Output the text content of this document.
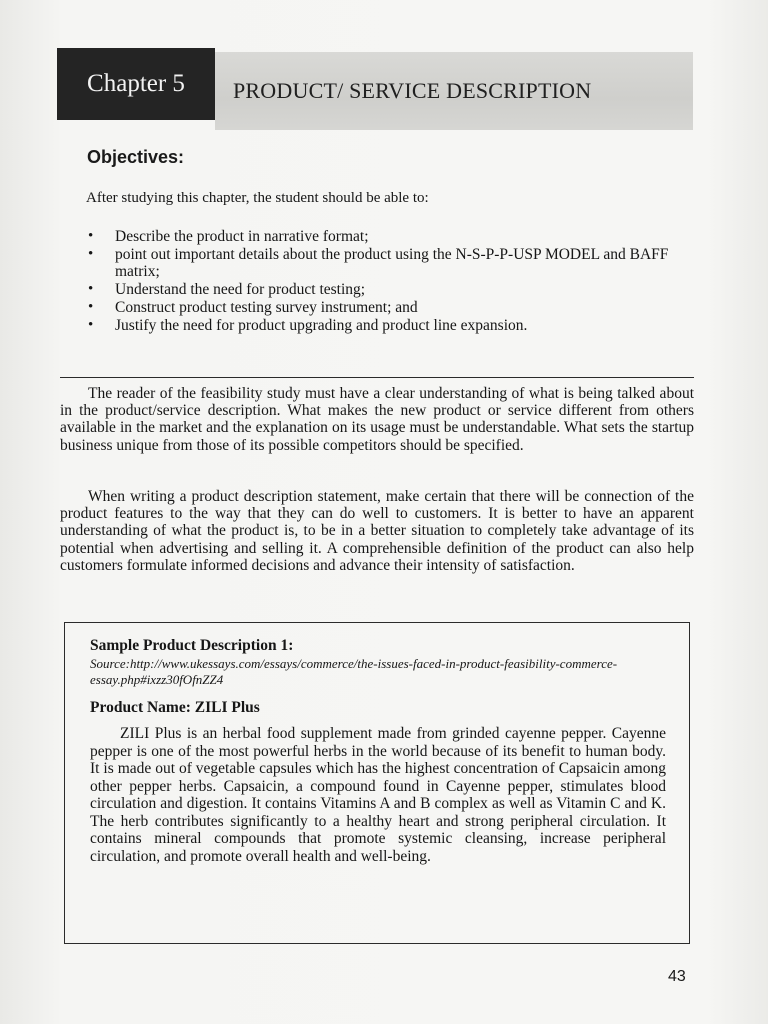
Chapter 5 PRODUCT/ SERVICE DESCRIPTION
Objectives:
After studying this chapter, the student should be able to:
• Describe the product in narrative format;
• point out important details about the product using the N-S-P-P-USP MODEL and BAFF matrix;
• Understand the need for product testing;
• Construct product testing survey instrument; and
• Justify the need for product upgrading and product line expansion.

The reader of the feasibility study must have a clear understanding of what is being talked about in the product/service description. What makes the new product or service different from others available in the market and the explanation on its usage must be understandable. What sets the startup business unique from those of its possible competitors should be specified.

When writing a product description statement, make certain that there will be connection of the product features to the way that they can do well to customers. It is better to have an apparent understanding of what the product is, to be in a better situation to completely take advantage of its potential when advertising and selling it. A comprehensible definition of the product can also help customers formulate informed decisions and advance their intensity of satisfaction.

Sample Product Description 1:
Source:http://www.ukessays.com/essays/commerce/the-issues-faced-in-product-feasibility-commerce-essay.php#ixzz30fOfnZZ4
Product Name: ZILI Plus

ZILI Plus is an herbal food supplement made from grinded cayenne pepper. Cayenne pepper is one of the most powerful herbs in the world because of its benefit to human body. It is made out of vegetable capsules which has the highest concentration of Capsaicin among other pepper herbs. Capsaicin, a compound found in Cayenne pepper, stimulates blood circulation and digestion. It contains Vitamins A and B complex as well as Vitamin C and K. The herb contributes significantly to a healthy heart and strong peripheral circulation. It contains mineral compounds that promote systemic cleansing, increase peripheral circulation, and promote overall health and well-being.

43
